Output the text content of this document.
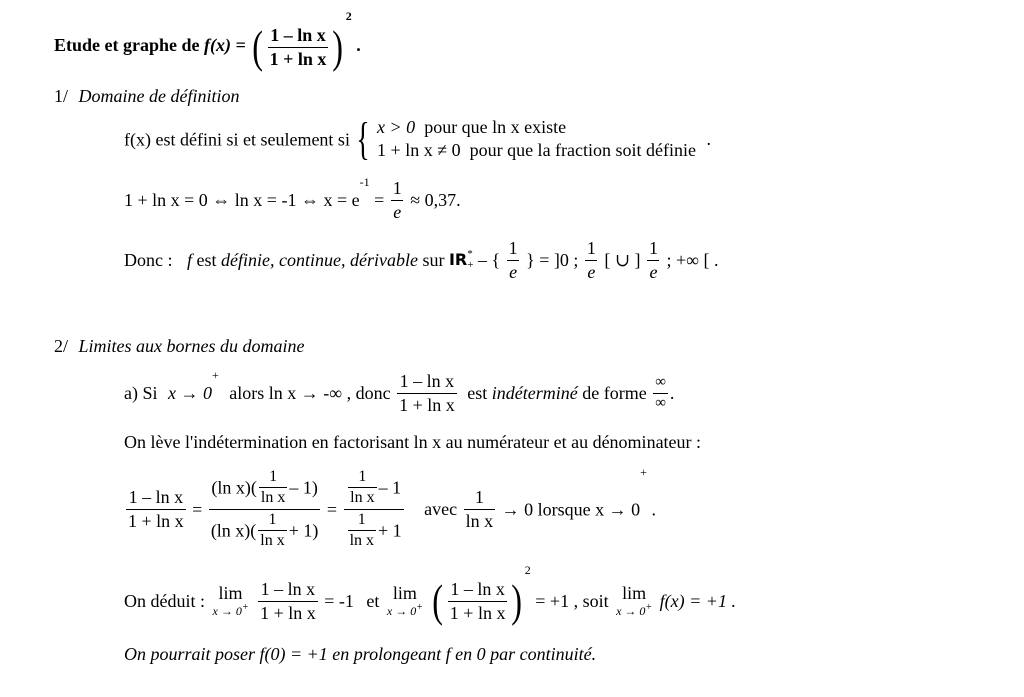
Etude et graphe de f(x) = ( $\frac{\text{1 – ln x}}{\text{1 + ln x}} )^2$ .
1/ Domaine de définition
f(x) est défini si et seulement si { x > 0 pour que ln x existe
1 + ln x ≠ 0 pour que la fraction soit définie
.
1 + ln x = 0 ⇔ ln x = -1 ⇔ $x = e^{-1} = \frac{1}{e} \approx 0,37$.
Donc : f est définie, continue, dérivable sur IR *
+ – { $\frac{1}{e}$ } = ]0 ; $\frac{1}{e}$ [ ∪ ] $\frac{1}{e}$ ; +∞ [ .
2/ Limites aux bornes du domaine
a) Si x → 0+ alors ln x → -∞ , donc $\frac{\text{1 – ln x}}{\text{1 + ln x}}$ est indéterminé de forme $\frac{\infty}{\infty}$ .
On lève l'indétermination en factorisant ln x au numérateur et au dénominateur :
$\frac{\text{1 – ln x}}{\text{1 + ln x}} = \frac{(\ln x)( \frac{1}{\text{ln x}} - 1)}{(\ln x)( \frac{1}{\text{ln x}} + 1)} = \frac{\frac{1}{\text{ln x}} - 1}{\frac{1}{\text{ln x}} + 1}$ avec $\frac{1}{\text{ln x}} \to 0$ lorsque x → 0+ .
On déduit : lim
x → 0+
$\frac{\text{1 – ln x}}{\text{1 + ln x}} = -1$ et lim
x → 0+ ( $\frac{\text{1 – ln x}}{\text{1 + ln x}} )^2 = +1$ , soit lim
x → 0+ f(x) = +1 .
On pourrait poser f(0) = +1 en prolongeant f en 0 par continuité.
